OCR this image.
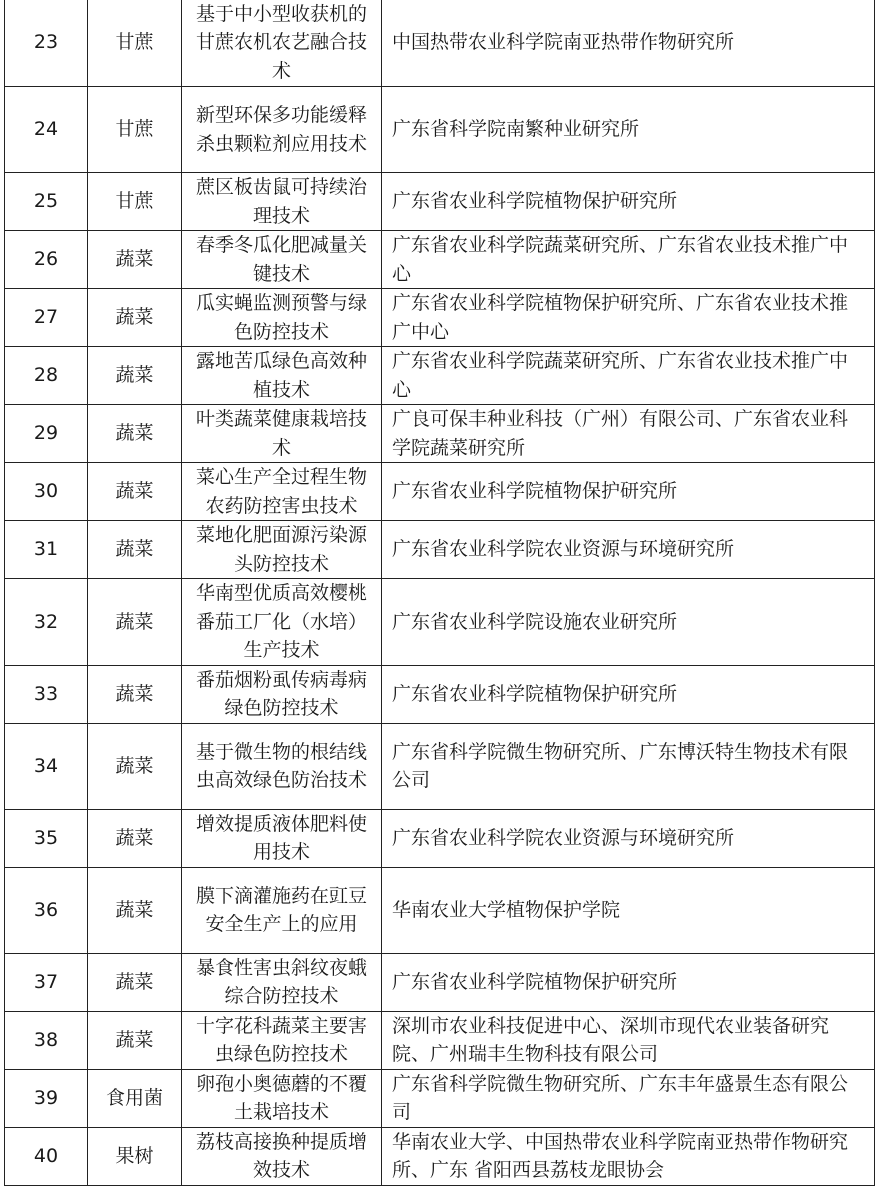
23	甘蔗	基于中小型收获机的甘蔗农机农艺融合技术	中国热带农业科学院南亚热带作物研究所
24	甘蔗	新型环保多功能缓释杀虫颗粒剂应用技术	广东省科学院南繁种业研究所
25	甘蔗	蔗区板齿鼠可持续治理技术	广东省农业科学院植物保护研究所
26	蔬菜	春季冬瓜化肥减量关键技术	广东省农业科学院蔬菜研究所、广东省农业技术推广中心
27	蔬菜	瓜实蝇监测预警与绿色防控技术	广东省农业科学院植物保护研究所、广东省农业技术推广中心
28	蔬菜	露地苦瓜绿色高效种植技术	广东省农业科学院蔬菜研究所、广东省农业技术推广中心
29	蔬菜	叶类蔬菜健康栽培技术	广良可保丰种业科技（广州）有限公司、广东省农业科学院蔬菜研究所
30	蔬菜	菜心生产全过程生物农药防控害虫技术	广东省农业科学院植物保护研究所
31	蔬菜	菜地化肥面源污染源头防控技术	广东省农业科学院农业资源与环境研究所
32	蔬菜	华南型优质高效樱桃番茄工厂化（水培）生产技术	广东省农业科学院设施农业研究所
33	蔬菜	番茄烟粉虱传病毒病绿色防控技术	广东省农业科学院植物保护研究所
34	蔬菜	基于微生物的根结线虫高效绿色防治技术	广东省科学院微生物研究所、广东博沃特生物技术有限公司
35	蔬菜	增效提质液体肥料使用技术	广东省农业科学院农业资源与环境研究所
36	蔬菜	膜下滴灌施药在豇豆安全生产上的应用	华南农业大学植物保护学院
37	蔬菜	暴食性害虫斜纹夜蛾综合防控技术	广东省农业科学院植物保护研究所
38	蔬菜	十字花科蔬菜主要害虫绿色防控技术	深圳市农业科技促进中心、深圳市现代农业装备研究院、广州瑞丰生物科技有限公司
39	食用菌	卵孢小奥德蘑的不覆土栽培技术	广东省科学院微生物研究所、广东丰年盛景生态有限公司
40	果树	荔枝高接换种提质增效技术	华南农业大学、中国热带农业科学院南亚热带作物研究所、广东 省阳西县荔枝龙眼协会
